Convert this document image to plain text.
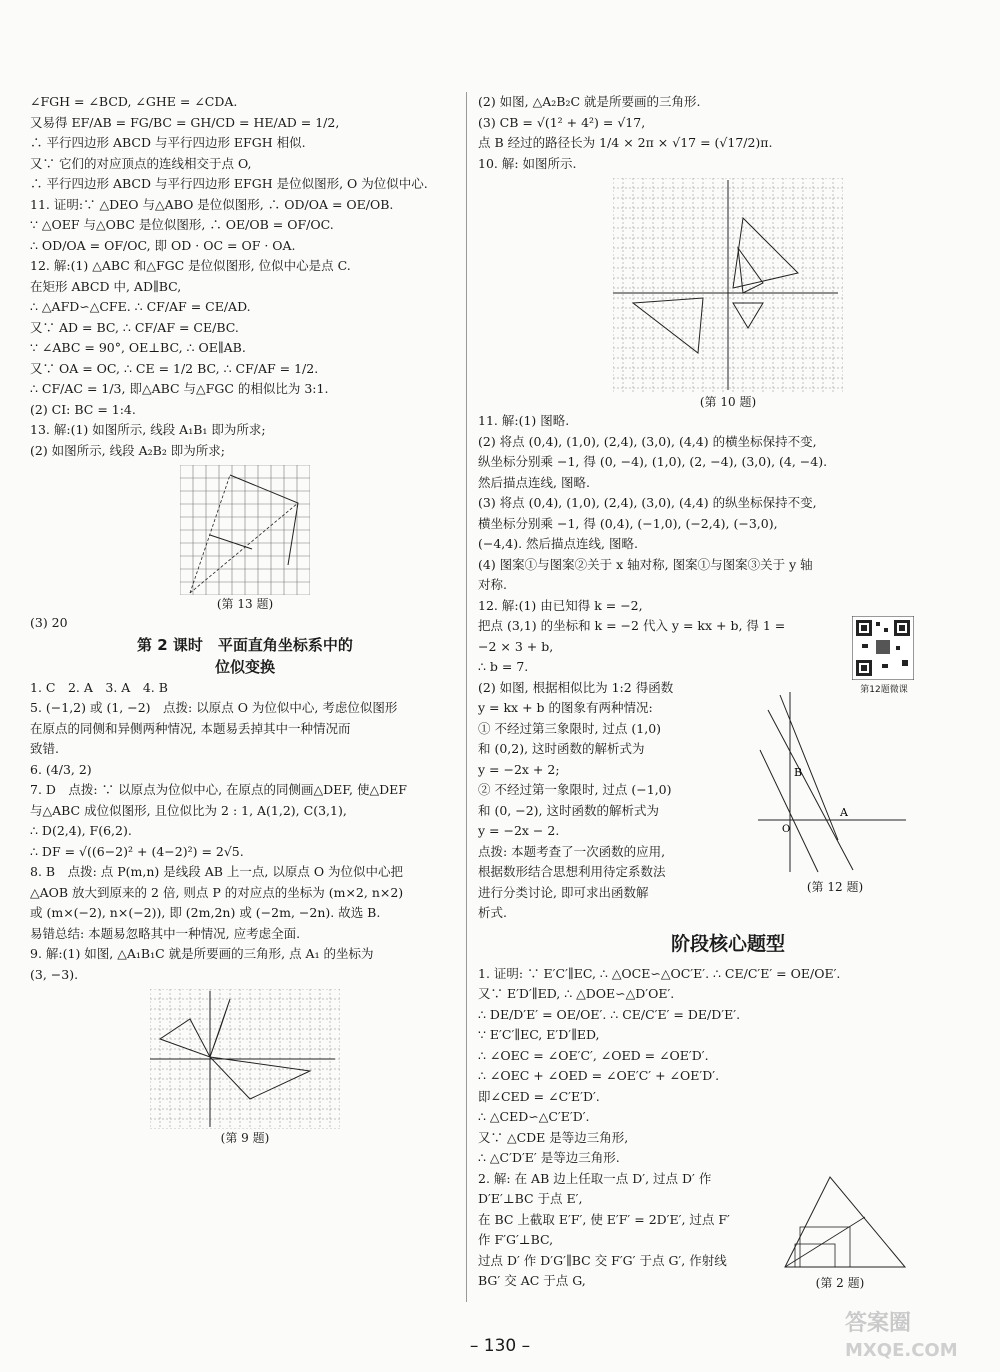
∠FGH = ∠BCD, ∠GHE = ∠CDA.
又易得 EF/AB = FG/BC = GH/CD = HE/AD = 1/2,
∴ 平行四边形 ABCD 与平行四边形 EFGH 相似.
又∵ 它们的对应顶点的连线相交于点 O,
∴ 平行四边形 ABCD 与平行四边形 EFGH 是位似图形, O 为位似中心.
11. 证明:∵ △DEO 与△ABO 是位似图形, ∴ OD/OA = OE/OB.
∵ △OEF 与△OBC 是位似图形, ∴ OE/OB = OF/OC.
∴ OD/OA = OF/OC, 即 OD · OC = OF · OA.
12. 解:(1) △ABC 和△FGC 是位似图形, 位似中心是点 C.
在矩形 ABCD 中, AD∥BC,
∴ △AFD∽△CFE. ∴ CF/AF = CE/AD.
又∵ AD = BC, ∴ CF/AF = CE/BC.
∵ ∠ABC = 90°, OE⊥BC, ∴ OE∥AB.
又∵ OA = OC, ∴ CE = 1/2 BC, ∴ CF/AF = 1/2.
∴ CF/AC = 1/3, 即△ABC 与△FGC 的相似比为 3:1.
(2) CI: BC = 1:4.
13. 解:(1) 如图所示, 线段 A₁B₁ 即为所求;
(2) 如图所示, 线段 A₂B₂ 即为所求;
(第 13 题)
(3) 20
第 2 课时　平面直角坐标系中的
位似变换
1. C　2. A　3. A　4. B
5. (−1,2) 或 (1, −2)　点拨: 以原点 O 为位似中心, 考虑位似图形
在原点的同侧和异侧两种情况, 本题易丢掉其中一种情况而
致错.
6. (4/3, 2)
7. D　点拨: ∵ 以原点为位似中心, 在原点的同侧画△DEF, 使△DEF
与△ABC 成位似图形, 且位似比为 2 : 1, A(1,2), C(3,1),
∴ D(2,4), F(6,2).
∴ DF = √((6−2)² + (4−2)²) = 2√5.
8. B　点拨: 点 P(m,n) 是线段 AB 上一点, 以原点 O 为位似中心把
△AOB 放大到原来的 2 倍, 则点 P 的对应点的坐标为 (m×2, n×2)
或 (m×(−2), n×(−2)), 即 (2m,2n) 或 (−2m, −2n). 故选 B.
易错总结: 本题易忽略其中一种情况, 应考虑全面.
9. 解:(1) 如图, △A₁B₁C 就是所要画的三角形, 点 A₁ 的坐标为
(3, −3).
(第 9 题)
(2) 如图, △A₂B₂C 就是所要画的三角形.
(3) CB = √(1² + 4²) = √17,
点 B 经过的路径长为 1/4 × 2π × √17 = (√17/2)π.
10. 解: 如图所示.
(第 10 题)
11. 解:(1) 图略.
(2) 将点 (0,4), (1,0), (2,4), (3,0), (4,4) 的横坐标保持不变,
纵坐标分别乘 −1, 得 (0, −4), (1,0), (2, −4), (3,0), (4, −4).
然后描点连线, 图略.
(3) 将点 (0,4), (1,0), (2,4), (3,0), (4,4) 的纵坐标保持不变,
横坐标分别乘 −1, 得 (0,4), (−1,0), (−2,4), (−3,0),
(−4,4). 然后描点连线, 图略.
(4) 图案①与图案②关于 x 轴对称, 图案①与图案③关于 y 轴
对称.
12. 解:(1) 由已知得 k = −2,
把点 (3,1) 的坐标和 k = −2 代入 y = kx + b, 得 1 =
−2 × 3 + b,
∴ b = 7.
(2) 如图, 根据相似比为 1:2 得函数
y = kx + b 的图象有两种情况:
① 不经过第三象限时, 过点 (1,0)
和 (0,2), 这时函数的解析式为
y = −2x + 2;
② 不经过第一象限时, 过点 (−1,0)
和 (0, −2), 这时函数的解析式为
y = −2x − 2.
点拨: 本题考查了一次函数的应用,
根据数形结合思想利用待定系数法
进行分类讨论, 即可求出函数解
析式.
阶段核心题型
1. 证明: ∵ E′C′∥EC, ∴ △OCE∽△OC′E′. ∴ CE/C′E′ = OE/OE′.
又∵ E′D′∥ED, ∴ △DOE∽△D′OE′.
∴ DE/D′E′ = OE/OE′. ∴ CE/C′E′ = DE/D′E′.
∵ E′C′∥EC, E′D′∥ED,
∴ ∠OEC = ∠OE′C′, ∠OED = ∠OE′D′.
∴ ∠OEC + ∠OED = ∠OE′C′ + ∠OE′D′.
即∠CED = ∠C′E′D′.
∴ △CED∽△C′E′D′.
又∵ △CDE 是等边三角形,
∴ △C′D′E′ 是等边三角形.
2. 解: 在 AB 边上任取一点 D′, 过点 D′ 作
D′E′⊥BC 于点 E′,
在 BC 上截取 E′F′, 使 E′F′ = 2D′E′, 过点 F′
作 F′G′⊥BC,
过点 D′ 作 D′G′∥BC 交 F′G′ 于点 G′, 作射线
BG′ 交 AC 于点 G,
B
A
O
(第 12 题)
第12题微课
(第 2 题)
– 130 –
答案圈
MXQE.COM
